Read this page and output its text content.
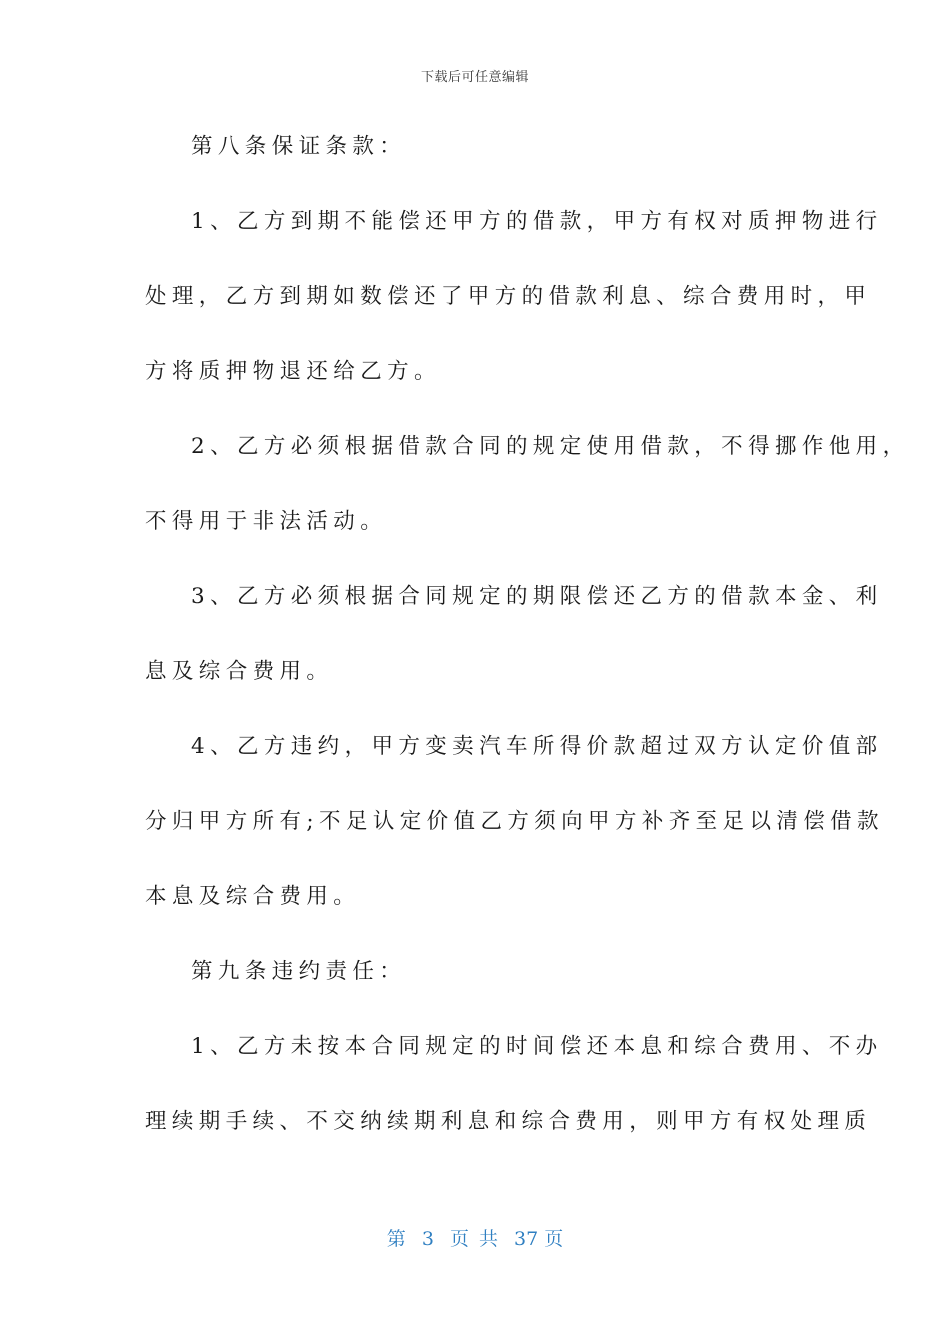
下载后可任意编辑
第八条保证条款：
1、乙方到期不能偿还甲方的借款，甲方有权对质押物进行
处理，乙方到期如数偿还了甲方的借款利息、综合费用时，甲
方将质押物退还给乙方。
2、乙方必须根据借款合同的规定使用借款，不得挪作他用，
不得用于非法活动。
3、乙方必须根据合同规定的期限偿还乙方的借款本金、利
息及综合费用。
4、乙方违约，甲方变卖汽车所得价款超过双方认定价值部
分归甲方所有;不足认定价值乙方须向甲方补齐至足以清偿借款
本息及综合费用。
第九条违约责任：
1、乙方未按本合同规定的时间偿还本息和综合费用、不办
理续期手续、不交纳续期利息和综合费用，则甲方有权处理质
第 3 页 共 37 页
